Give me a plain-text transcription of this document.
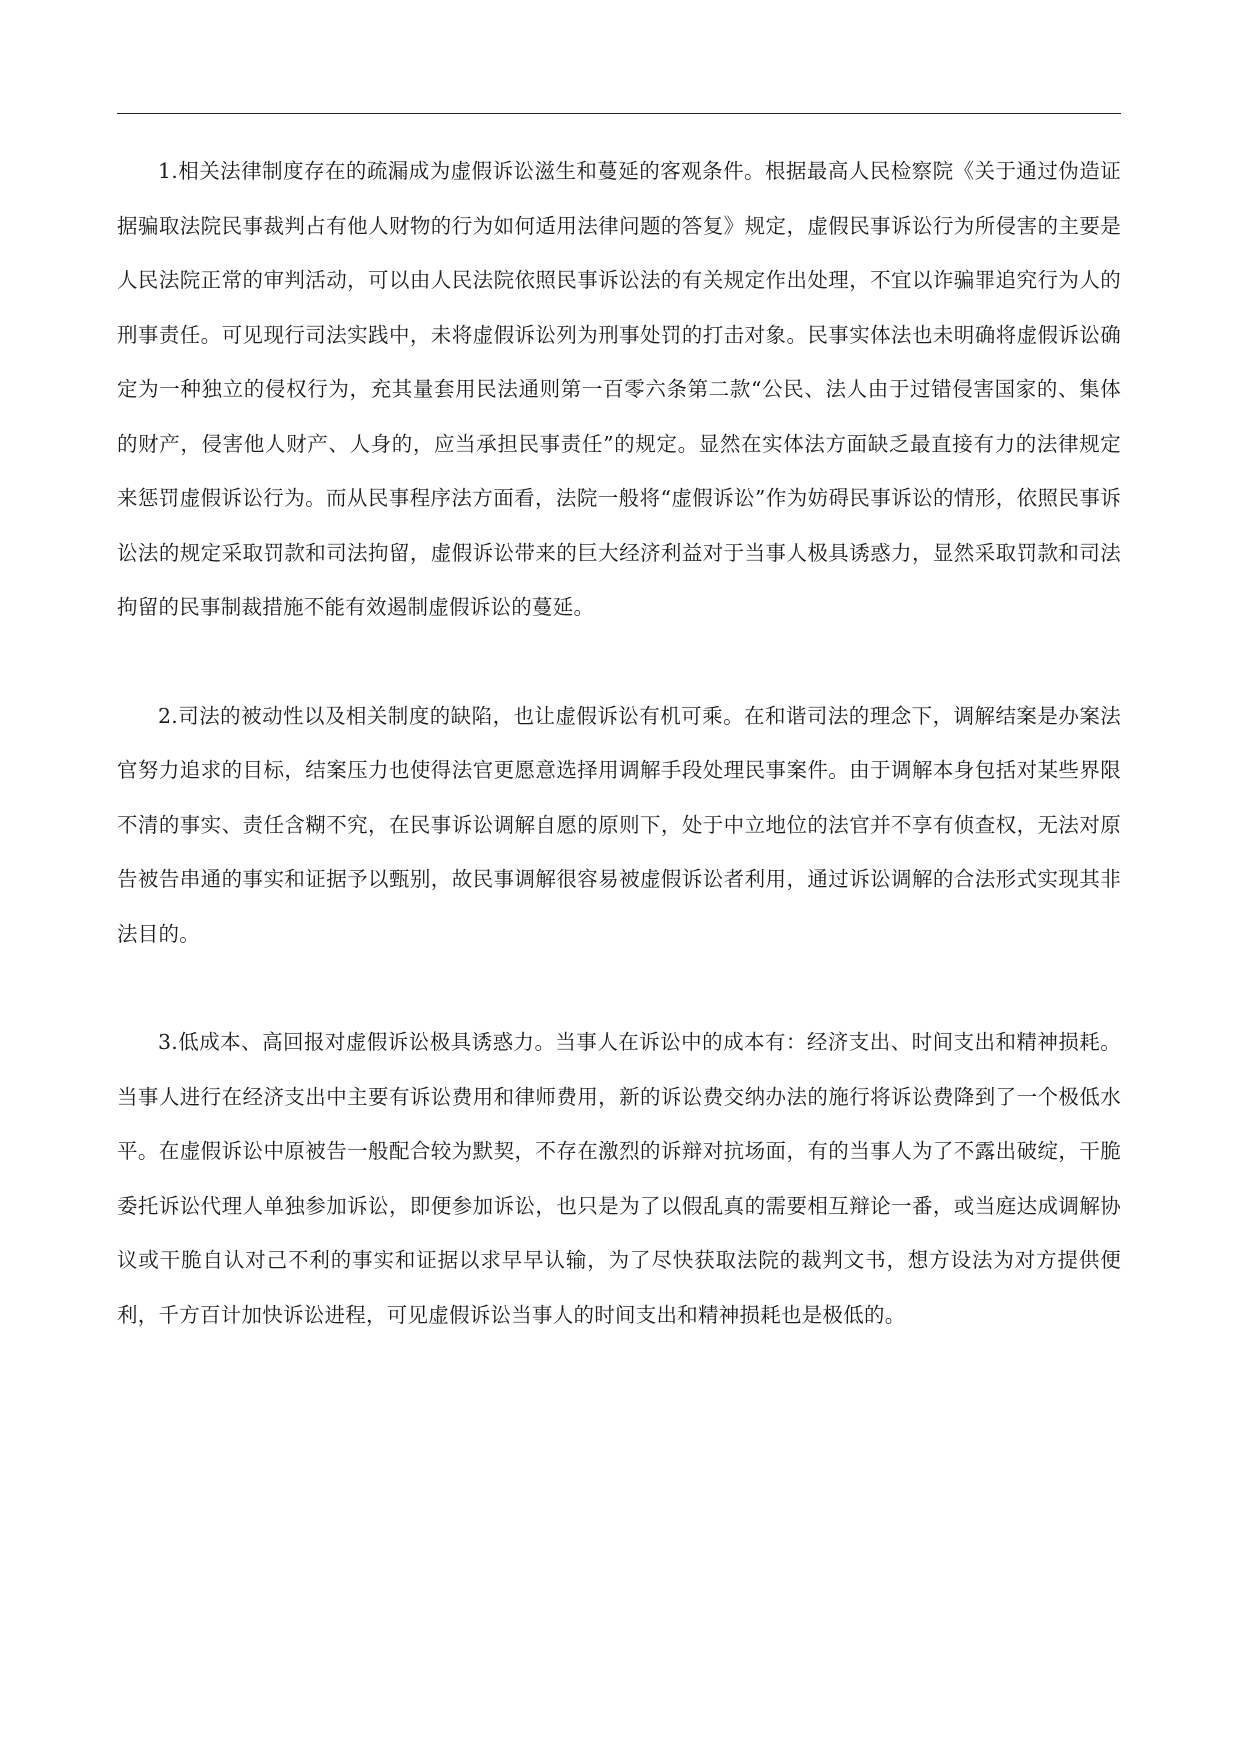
1.相关法律制度存在的疏漏成为虚假诉讼滋生和蔓延的客观条件。根据最高人民检察院《关于通过伪造证据骗取法院民事裁判占有他人财物的行为如何适用法律问题的答复》规定，虚假民事诉讼行为所侵害的主要是人民法院正常的审判活动，可以由人民法院依照民事诉讼法的有关规定作出处理，不宜以诈骗罪追究行为人的刑事责任。可见现行司法实践中，未将虚假诉讼列为刑事处罚的打击对象。民事实体法也未明确将虚假诉讼确定为一种独立的侵权行为，充其量套用民法通则第一百零六条第二款“公民、法人由于过错侵害国家的、集体的财产，侵害他人财产、人身的，应当承担民事责任”的规定。显然在实体法方面缺乏最直接有力的法律规定来惩罚虚假诉讼行为。而从民事程序法方面看，法院一般将“虚假诉讼”作为妨碍民事诉讼的情形，依照民事诉讼法的规定采取罚款和司法拘留，虚假诉讼带来的巨大经济利益对于当事人极具诱惑力，显然采取罚款和司法拘留的民事制裁措施不能有效遏制虚假诉讼的蔓延。

2.司法的被动性以及相关制度的缺陷，也让虚假诉讼有机可乘。在和谐司法的理念下，调解结案是办案法官努力追求的目标，结案压力也使得法官更愿意选择用调解手段处理民事案件。由于调解本身包括对某些界限不清的事实、责任含糊不究，在民事诉讼调解自愿的原则下，处于中立地位的法官并不享有侦查权，无法对原告被告串通的事实和证据予以甄别，故民事调解很容易被虚假诉讼者利用，通过诉讼调解的合法形式实现其非法目的。

3.低成本、高回报对虚假诉讼极具诱惑力。当事人在诉讼中的成本有：经济支出、时间支出和精神损耗。当事人进行在经济支出中主要有诉讼费用和律师费用，新的诉讼费交纳办法的施行将诉讼费降到了一个极低水平。在虚假诉讼中原被告一般配合较为默契，不存在激烈的诉辩对抗场面，有的当事人为了不露出破绽，干脆委托诉讼代理人单独参加诉讼，即便参加诉讼，也只是为了以假乱真的需要相互辩论一番，或当庭达成调解协议或干脆自认对己不利的事实和证据以求早早认输，为了尽快获取法院的裁判文书，想方设法为对方提供便利，千方百计加快诉讼进程，可见虚假诉讼当事人的时间支出和精神损耗也是极低的。
